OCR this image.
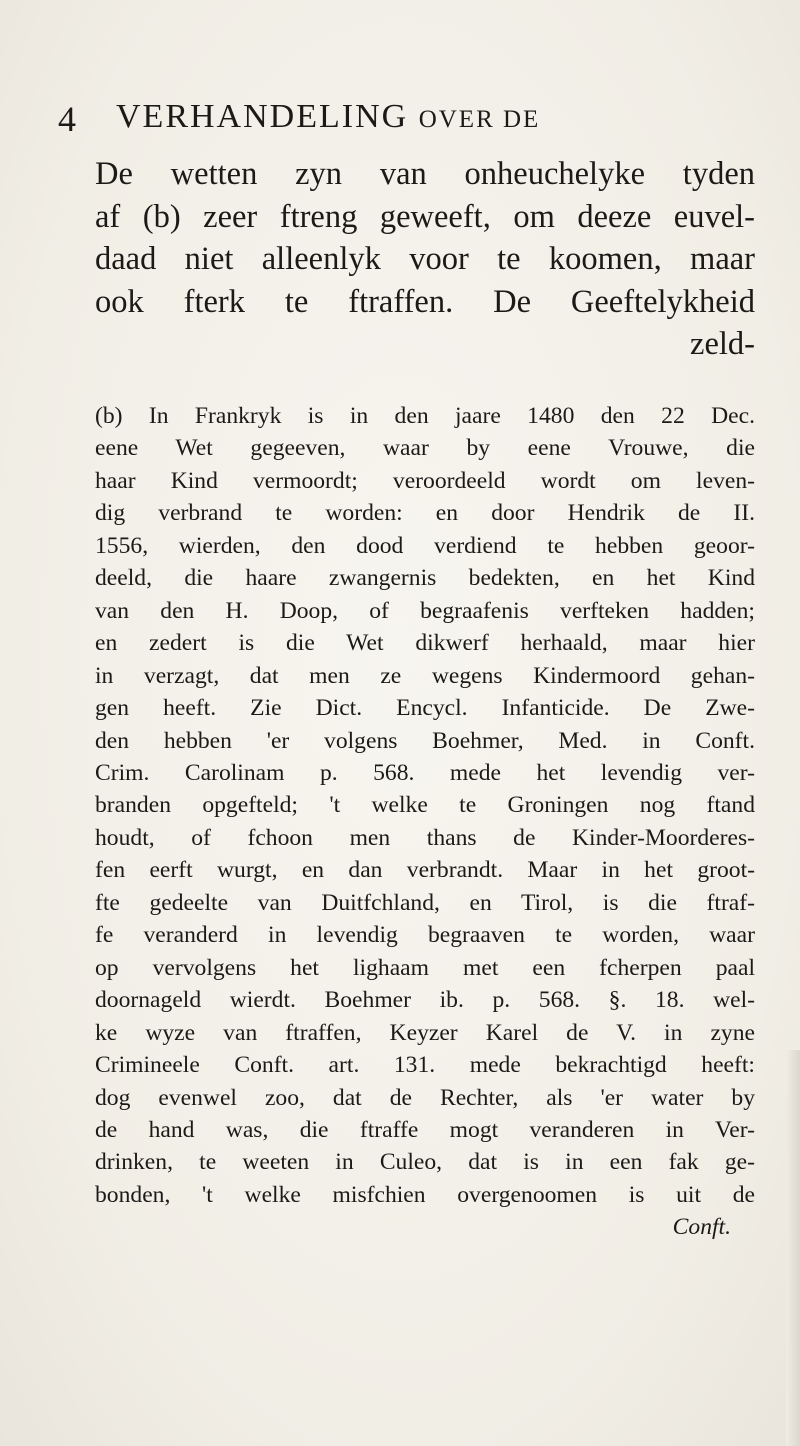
4 VERHANDELING OVER DE
De wetten zyn van onheuchelyke tyden
af (b) zeer ftreng geweeft, om deeze euvel-
daad niet alleenlyk voor te koomen, maar
ook fterk te ftraffen. De Geeftelykheid
zeld-
(b) In Frankryk is in den jaare 1480 den 22 Dec.
eene Wet gegeeven, waar by eene Vrouwe, die
haar Kind vermoordt; veroordeeld wordt om leven-
dig verbrand te worden: en door Hendrik de II.
1556, wierden, den dood verdiend te hebben geoor-
deeld, die haare zwangernis bedekten, en het Kind
van den H. Doop, of begraafenis verfteken hadden;
en zedert is die Wet dikwerf herhaald, maar hier
in verzagt, dat men ze wegens Kindermoord gehan-
gen heeft. Zie Dict. Encycl. Infanticide. De Zwe-
den hebben 'er volgens Boehmer, Med. in Conft.
Crim. Carolinam p. 568. mede het levendig ver-
branden opgefteld; 't welke te Groningen nog ftand
houdt, of fchoon men thans de Kinder-Moorderes-
fen eerft wurgt, en dan verbrandt. Maar in het groot-
fte gedeelte van Duitfchland, en Tirol, is die ftraf-
fe veranderd in levendig begraaven te worden, waar
op vervolgens het lighaam met een fcherpen paal
doornageld wierdt. Boehmer ib. p. 568. §. 18. wel-
ke wyze van ftraffen, Keyzer Karel de V. in zyne
Crimineele Conft. art. 131. mede bekrachtigd heeft:
dog evenwel zoo, dat de Rechter, als 'er water by
de hand was, die ftraffe mogt veranderen in Ver-
drinken, te weeten in Culeo, dat is in een fak ge-
bonden, 't welke misfchien overgenoomen is uit de
Conft.
